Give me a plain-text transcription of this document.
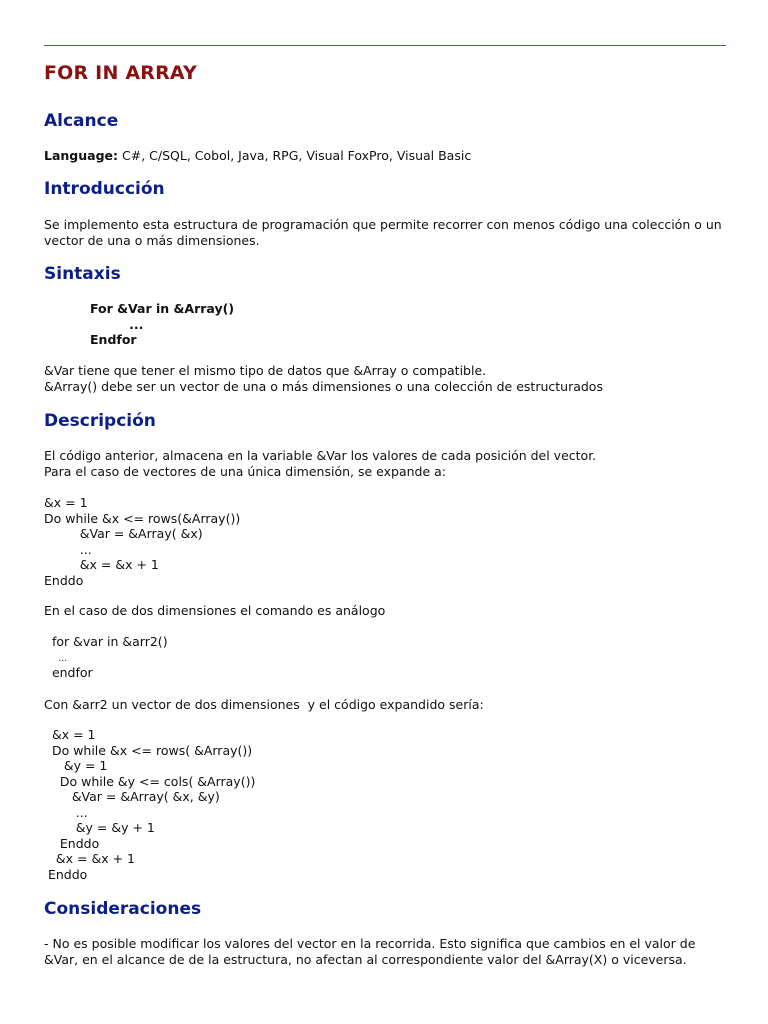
FOR IN ARRAY
Alcance

Language: C#, C/SQL, Cobol, Java, RPG, Visual FoxPro, Visual Basic

Introducción

Se implemento esta estructura de programación que permite recorrer con menos código una colección o un vector de una o más dimensiones.

Sintaxis
For &Var in &Array()
...
Endfor

&Var tiene que tener el mismo tipo de datos que &Array o compatible.

&Array() debe ser un vector de una o más dimensiones o una colección de estructurados

Descripción

El código anterior, almacena en la variable &Var los valores de cada posición del vector.

Para el caso de vectores de una única dimensión, se expande a:

&x = 1
Do while &x <= rows(&Array())
&Var = &Array( &x)
...
&x = &x + 1
Enddo

En el caso de dos dimensiones el comando es análogo

for &var in &arr2()
…
endfor

Con &arr2 un vector de dos dimensiones  y el código expandido sería:

&x = 1
Do while &x <= rows( &Array())
&y = 1
Do while &y <= cols( &Array())
&Var = &Array( &x, &y)
...
&y = &y + 1
Enddo
&x = &x + 1
Enddo
Consideraciones

- No es posible modificar los valores del vector en la recorrida. Esto significa que cambios en el valor de &Var, en el alcance de de la estructura, no afectan al correspondiente valor del &Array(X) o viceversa.
